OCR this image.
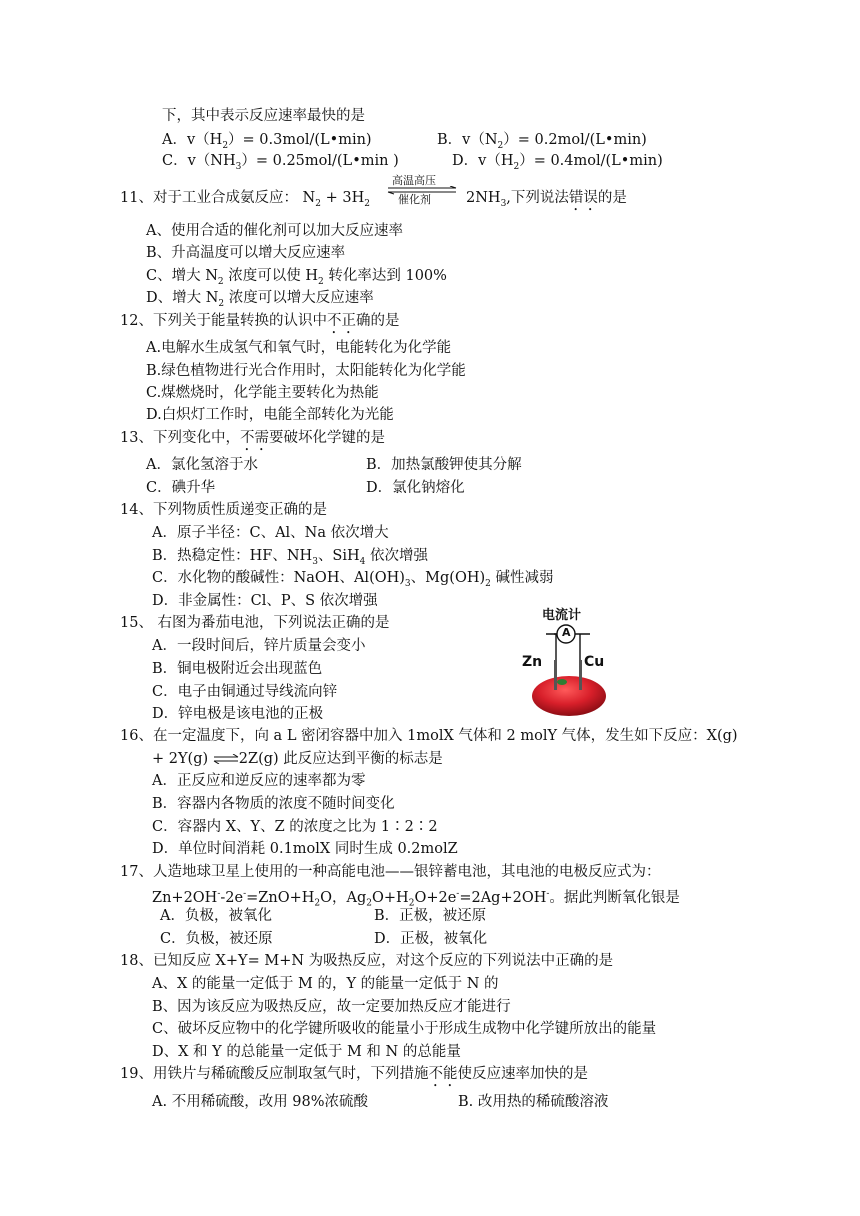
下，其中表示反应速率最快的是
A．$v(H_2)=$ 0.3mol/(L•min)	B．$v(N_2)=$ 0.2mol/(L•min)
C．$v(NH_3)=$ 0.25mol/(L•min )	D．$v(H_2)=$ 0.4mol/(L•min)
11、对于工业合成氨反应： $N_2 + 3H_2$
高温高压
催化剂 $2NH_3$,下列说法错误的是
A、使用合适的催化剂可以加大反应速率
B、升高温度可以增大反应速率
C、增大 $N_2$ 浓度可以使 $H_2$ 转化率达到 100%
D、增大 $N_2$ 浓度可以增大反应速率
12、下列关于能量转换的认识中不正确的是
A.电解水生成氢气和氧气时，电能转化为化学能
B.绿色植物进行光合作用时，太阳能转化为化学能
C.煤燃烧时，化学能主要转化为热能
D.白炽灯工作时，电能全部转化为光能
13、下列变化中，不需要破坏化学键的是
A．氯化氢溶于水	B．加热氯酸钾使其分解
C．碘升华	D．氯化钠熔化
14、下列物质性质递变正确的是
A．原子半径：C、Al、Na 依次增大
B．热稳定性：HF、$NH_3$、SiH$_4$ 依次增强
C．水化物的酸碱性：NaOH、$Al(OH)_3$、$Mg(OH)_2$ 碱性减弱
D．非金属性：Cl、P、S 依次增强
15、 右图为番茄电池，下列说法正确的是
A．一段时间后，锌片质量会变小
B．铜电极附近会出现蓝色
C．电子由铜通过导线流向锌
D．锌电极是该电池的正极
电流计
A
Zn	Cu
16、在一定温度下，向 a L 密闭容器中加入 1molX 气体和 2 molY 气体，发生如下反应：X(g)
+ 2Y(g) ⇌2Z(g) 此反应达到平衡的标志是
A．正反应和逆反应的速率都为零
B．容器内各物质的浓度不随时间变化
C．容器内 X、Y、Z 的浓度之比为 1∶2∶2
D．单位时间消耗 0.1molX 同时生成 0.2molZ
17、人造地球卫星上使用的一种高能电池——银锌蓄电池，其电池的电极反应式为：
$Zn+2OH^--2e^-=ZnO+H_2O$，$Ag_2O+H_2O+2e^-=2Ag+2OH^-$。据此判断氧化银是
A．负极，被氧化	B．正极，被还原
C．负极，被还原	D．正极，被氧化
18、已知反应 X+Y= M+N 为吸热反应，对这个反应的下列说法中正确的是
A、X 的能量一定低于 M 的，Y 的能量一定低于 N 的
B、因为该反应为吸热反应，故一定要加热反应才能进行
C、破坏反应物中的化学键所吸收的能量小于形成生成物中化学键所放出的能量
D、X 和 Y 的总能量一定低于 M 和 N 的总能量
19、用铁片与稀硫酸反应制取氢气时，下列措施不能使反应速率加快的是
A. 不用稀硫酸，改用 98%浓硫酸	B. 改用热的稀硫酸溶液
